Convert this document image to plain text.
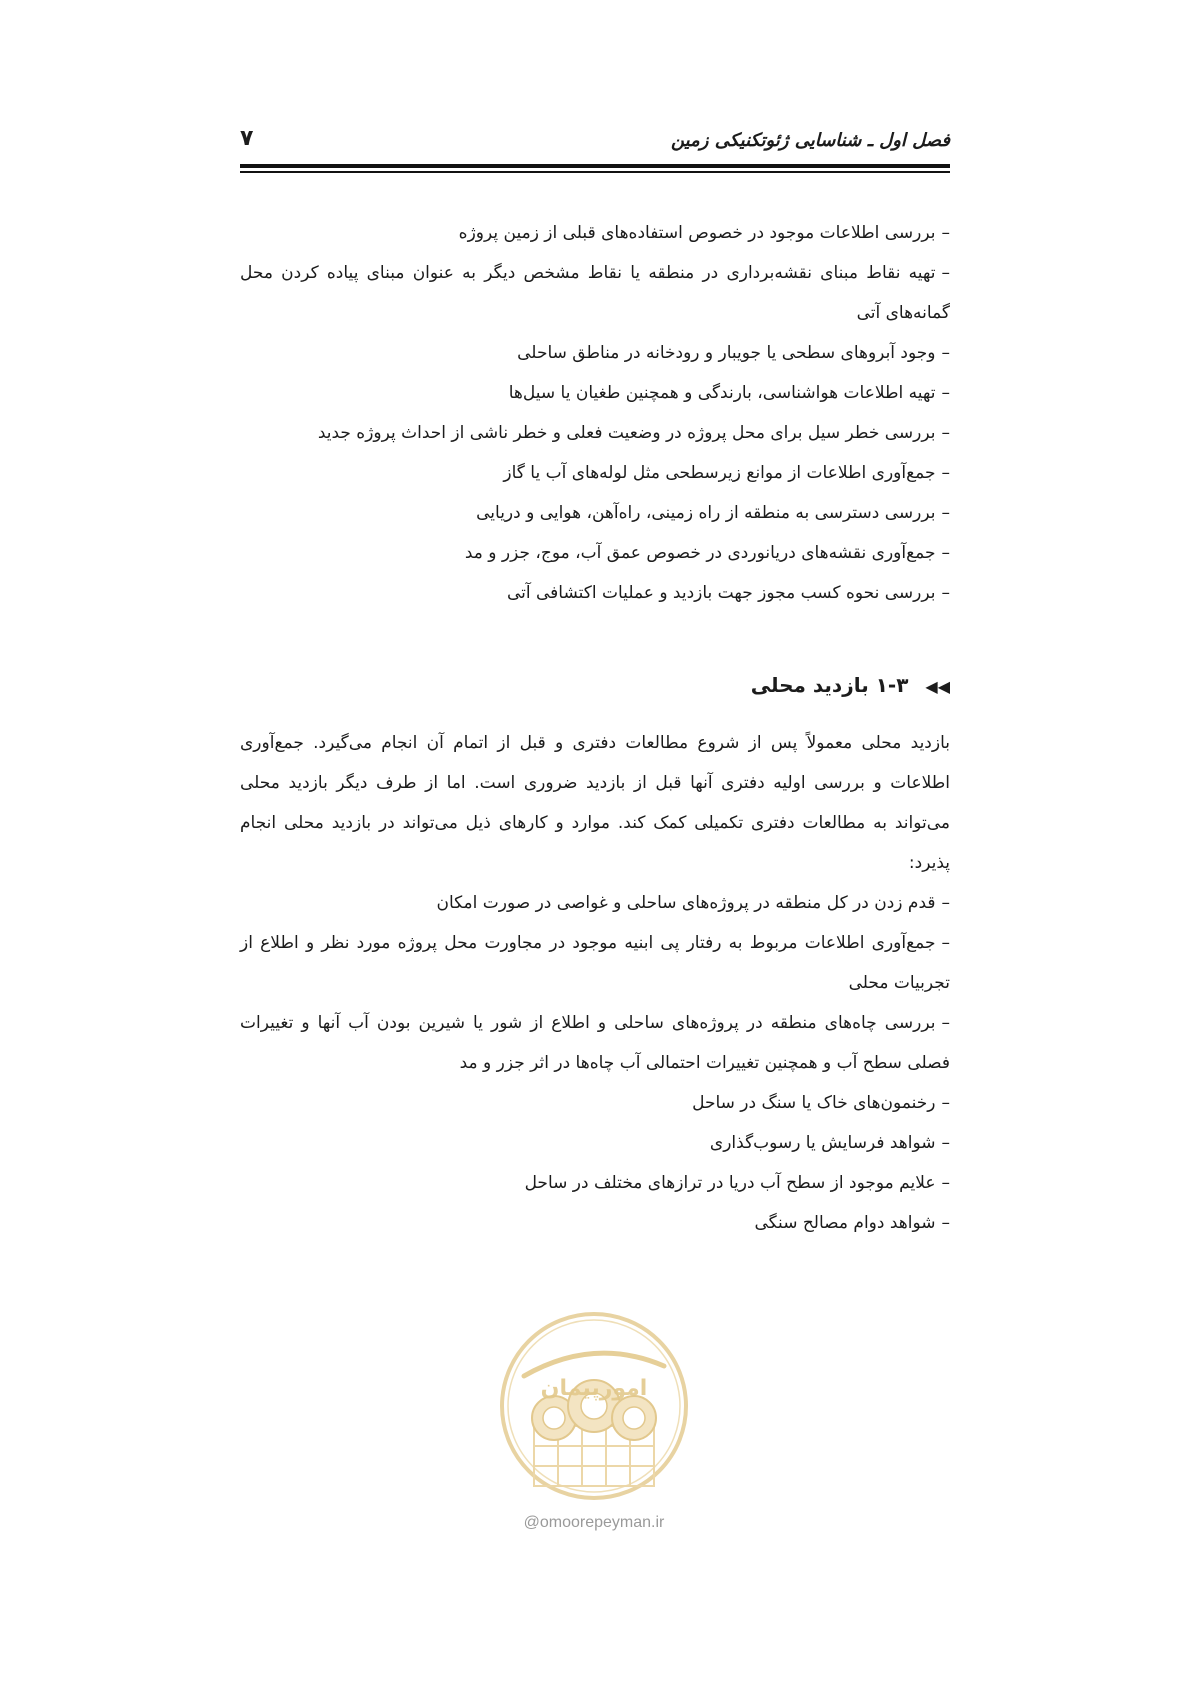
فصل اول ـ شناسایی ژئوتکنیکی زمین
۷
–بررسی اطلاعات موجود در خصوص استفاده‌های قبلی از زمین پروژه
–تهیه نقاط مبنای نقشه‌برداری در منطقه یا نقاط مشخص دیگر به عنوان مبنای پیاده کردن محل گمانه‌های آتی
–وجود آبروهای سطحی یا جویبار و رودخانه در مناطق ساحلی
–تهیه اطلاعات هواشناسی، بارندگی و همچنین طغیان یا سیل‌ها
–بررسی خطر سیل برای محل پروژه در وضعیت فعلی و خطر ناشی از احداث پروژه جدید
–جمع‌آوری اطلاعات از موانع زیرسطحی مثل لوله‌های آب یا گاز
–بررسی دسترسی به منطقه از راه زمینی، راه‌آهن، هوایی و دریایی
–جمع‌آوری نقشه‌های دریانوردی در خصوص عمق آب، موج، جزر و مد
–بررسی نحوه کسب مجوز جهت بازدید و عملیات اکتشافی آتی
◀◀ ۱-۳ بازدید محلی

بازدید محلی معمولاً پس از شروع مطالعات دفتری و قبل از اتمام آن انجام می‌گیرد. جمع‌آوری اطلاعات و بررسی اولیه دفتری آنها قبل از بازدید ضروری است. اما از طرف دیگر بازدید محلی می‌تواند به مطالعات دفتری تکمیلی کمک کند. موارد و کارهای ذیل می‌تواند در بازدید محلی انجام پذیرد:

–قدم زدن در کل منطقه در پروژه‌های ساحلی و غواصی در صورت امکان
–جمع‌آوری اطلاعات مربوط به رفتار پی ابنیه موجود در مجاورت محل پروژه مورد نظر و اطلاع از تجربیات محلی
–بررسی چاه‌های منطقه در پروژه‌های ساحلی و اطلاع از شور یا شیرین بودن آب آنها و تغییرات فصلی سطح آب و همچنین تغییرات احتمالی آب چاه‌ها در اثر جزر و مد
–رخنمون‌های خاک یا سنگ در ساحل
–شواهد فرسایش یا رسوب‌گذاری
–علایم موجود از سطح آب دریا در ترازهای مختلف در ساحل
–شواهد دوام مصالح سنگی
امورپیمان
@omoorepeyman.ir
